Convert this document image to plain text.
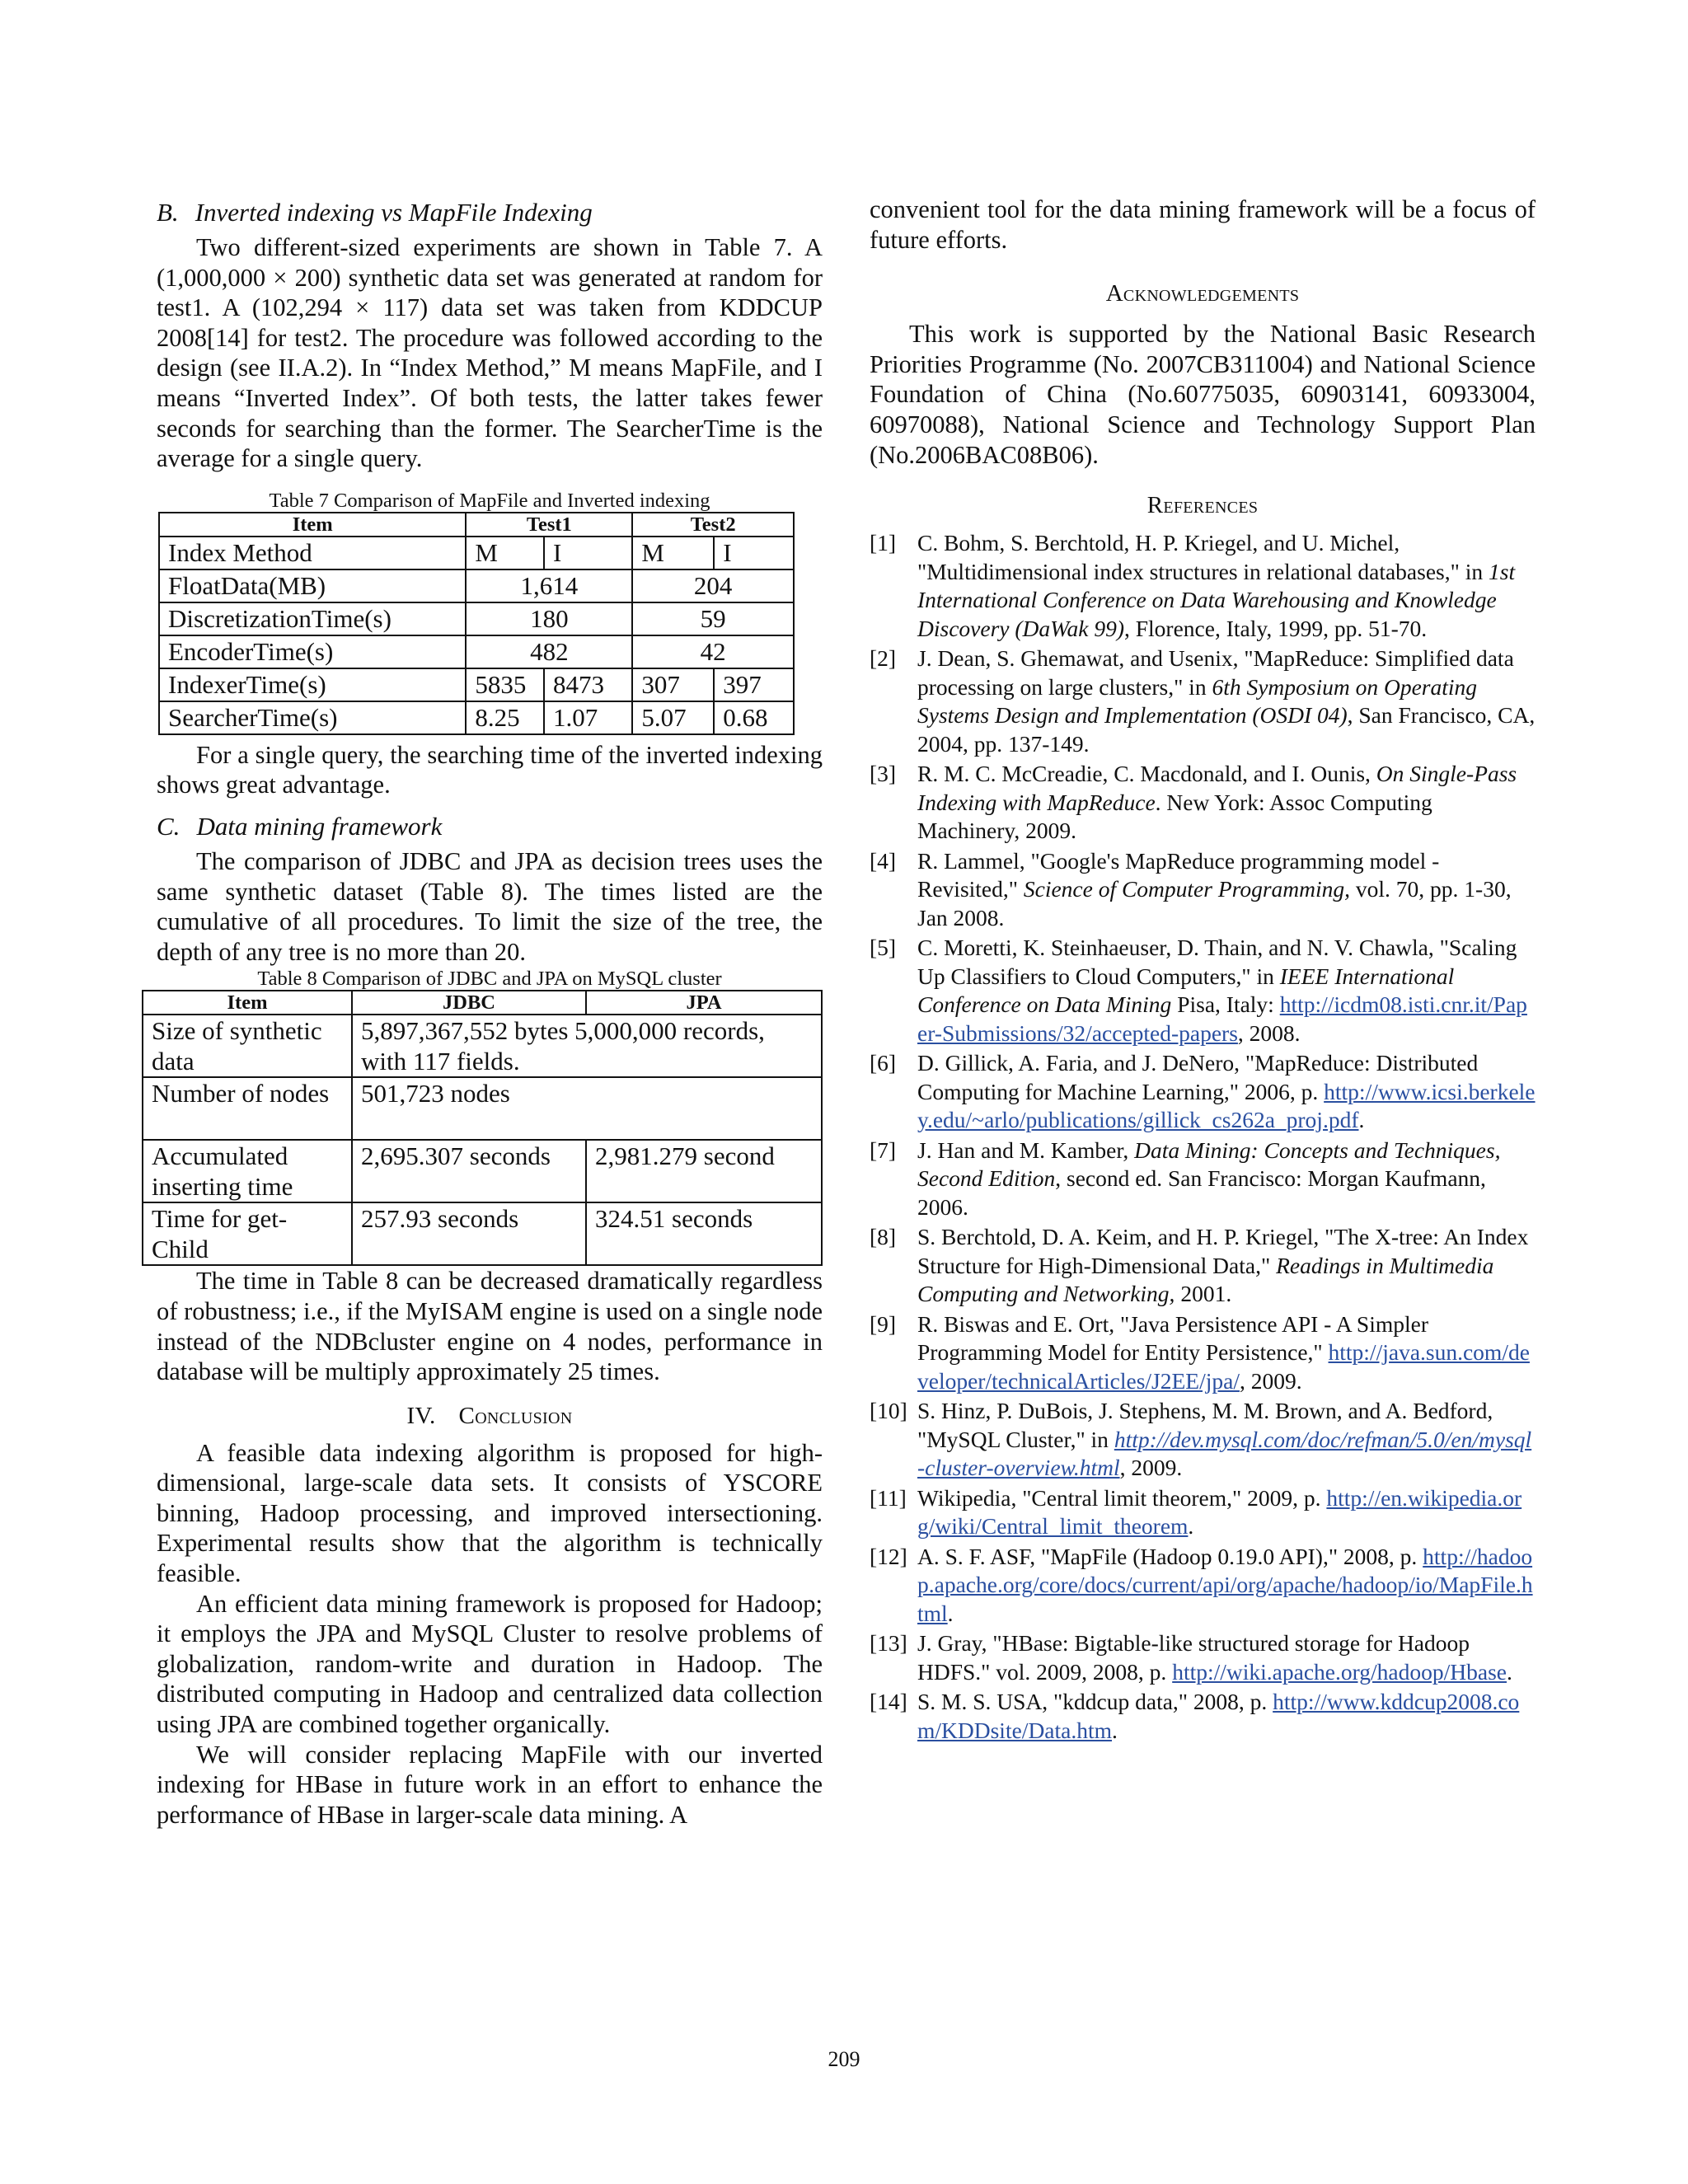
B. Inverted indexing vs MapFile Indexing

Two different-sized experiments are shown in Table 7. A (1,000,000 × 200) synthetic data set was generated at random for test1. A (102,294 × 117) data set was taken from KDDCUP 2008[14] for test2. The procedure was followed according to the design (see II.A.2). In “Index Method,” M means MapFile, and I means “Inverted Index”. Of both tests, the latter takes fewer seconds for searching than the former. The SearcherTime is the average for a single query.

Table 7 Comparison of MapFile and Inverted indexing

Item	Test1		Test2	
Index Method	M	I	M	I
FloatData(MB)	1,614		204	
DiscretizationTime(s)	180		59	
EncoderTime(s)	482		42	
IndexerTime(s)	5835	8473	307	397
SearcherTime(s)	8.25	1.07	5.07	0.68

For a single query, the searching time of the inverted indexing shows great advantage.

C. Data mining framework

The comparison of JDBC and JPA as decision trees uses the same synthetic dataset (Table 8). The times listed are the cumulative of all procedures. To limit the size of the tree, the depth of any tree is no more than 20.

Table 8 Comparison of JDBC and JPA on MySQL cluster

Item	JDBC	JPA
Size of synthetic data	5,897,367,552 bytes 5,000,000 records, with 117 fields.	
Number of nodes	501,723 nodes	
Accumulated inserting time	2,695.307 seconds	2,981.279 second
Time for get-Child	257.93 seconds	324.51 seconds

The time in Table 8 can be decreased dramatically regardless of robustness; i.e., if the MyISAM engine is used on a single node instead of the NDBcluster engine on 4 nodes, performance in database will be multiply approximately 25 times.

IV. Conclusion

A feasible data indexing algorithm is proposed for high-dimensional, large-scale data sets. It consists of YSCORE binning, Hadoop processing, and improved intersectioning. Experimental results show that the algorithm is technically feasible.

An efficient data mining framework is proposed for Hadoop; it employs the JPA and MySQL Cluster to resolve problems of globalization, random-write and duration in Hadoop. The distributed computing in Hadoop and centralized data collection using JPA are combined together organically.

We will consider replacing MapFile with our inverted indexing for HBase in future work in an effort to enhance the performance of HBase in larger-scale data mining. A

convenient tool for the data mining framework will be a focus of future efforts.

Acknowledgements

This work is supported by the National Basic Research Priorities Programme (No. 2007CB311004) and National Science Foundation of China (No.60775035, 60903141, 60933004, 60970088), National Science and Technology Support Plan (No.2006BAC08B06).

References
[1] C. Bohm, S. Berchtold, H. P. Kriegel, and U. Michel, "Multidimensional index structures in relational databases," in 1st International Conference on Data Warehousing and Knowledge Discovery (DaWak 99), Florence, Italy, 1999, pp. 51-70.
[2] J. Dean, S. Ghemawat, and Usenix, "MapReduce: Simplified data processing on large clusters," in 6th Symposium on Operating Systems Design and Implementation (OSDI 04), San Francisco, CA, 2004, pp. 137-149.
[3] R. M. C. McCreadie, C. Macdonald, and I. Ounis, On Single-Pass Indexing with MapReduce. New York: Assoc Computing Machinery, 2009.
[4] R. Lammel, "Google's MapReduce programming model - Revisited," Science of Computer Programming, vol. 70, pp. 1-30, Jan 2008.
[5] C. Moretti, K. Steinhaeuser, D. Thain, and N. V. Chawla, "Scaling Up Classifiers to Cloud Computers," in IEEE International Conference on Data Mining Pisa, Italy: http://icdm08.isti.cnr.it/Paper-Submissions/32/accepted-papers, 2008.
[6] D. Gillick, A. Faria, and J. DeNero, "MapReduce: Distributed Computing for Machine Learning," 2006, p. http://www.icsi.berkeley.edu/~arlo/publications/gillick_cs262a_proj.pdf.
[7] J. Han and M. Kamber, Data Mining: Concepts and Techniques, Second Edition, second ed. San Francisco: Morgan Kaufmann, 2006.
[8] S. Berchtold, D. A. Keim, and H. P. Kriegel, "The X-tree: An Index Structure for High-Dimensional Data," Readings in Multimedia Computing and Networking, 2001.
[9] R. Biswas and E. Ort, "Java Persistence API - A Simpler Programming Model for Entity Persistence," http://java.sun.com/developer/technicalArticles/J2EE/jpa/, 2009.
[10] S. Hinz, P. DuBois, J. Stephens, M. M. Brown, and A. Bedford, "MySQL Cluster," in http://dev.mysql.com/doc/refman/5.0/en/mysql-cluster-overview.html, 2009.
[11] Wikipedia, "Central limit theorem," 2009, p. http://en.wikipedia.org/wiki/Central_limit_theorem.
[12] A. S. F. ASF, "MapFile (Hadoop 0.19.0 API)," 2008, p. http://hadoop.apache.org/core/docs/current/api/org/apache/hadoop/io/MapFile.html.
[13] J. Gray, "HBase: Bigtable-like structured storage for Hadoop HDFS." vol. 2009, 2008, p. http://wiki.apache.org/hadoop/Hbase.
[14] S. M. S. USA, "kddcup data," 2008, p. http://www.kddcup2008.com/KDDsite/Data.htm.
209
